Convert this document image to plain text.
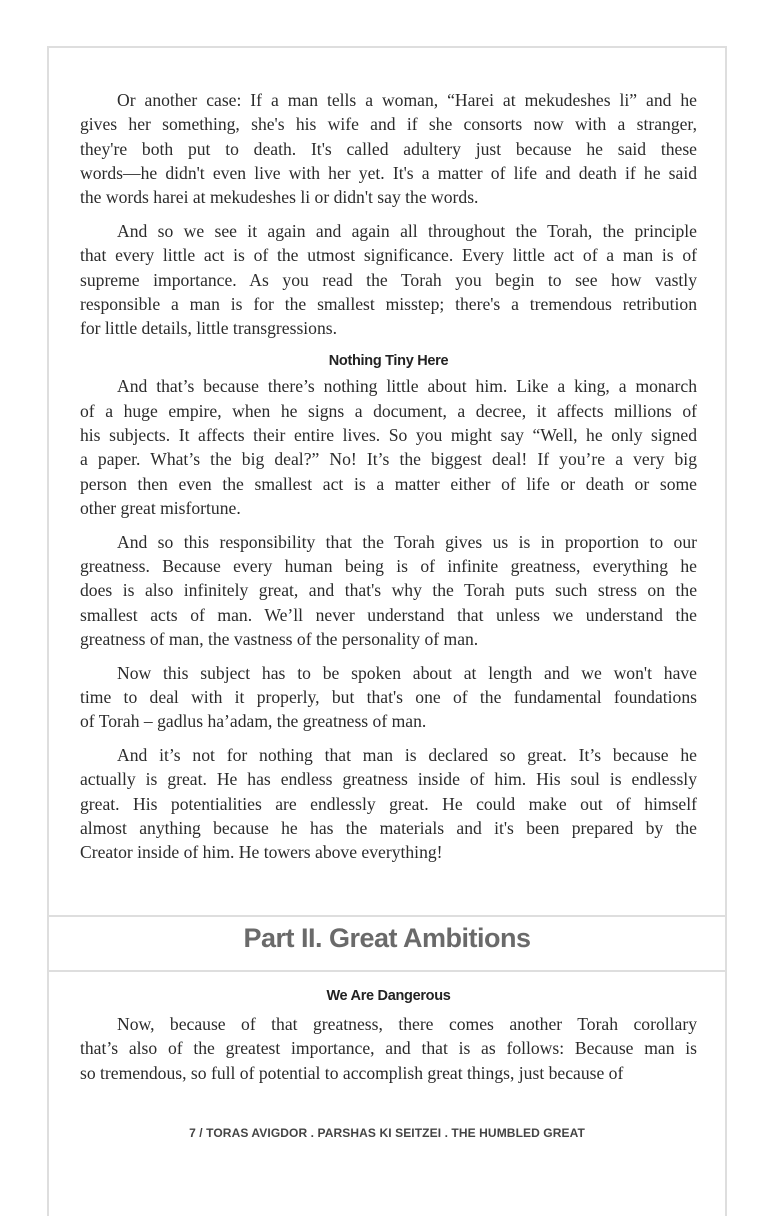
Or another case: If a man tells a woman, “Harei at mekudeshes li” and he
gives her something, she's his wife and if she consorts now with a stranger,
they're both put to death. It's called adultery just because he said these
words—he didn't even live with her yet. It's a matter of life and death if he said
the words harei at mekudeshes li or didn't say the words.
And so we see it again and again all throughout the Torah, the principle
that every little act is of the utmost significance. Every little act of a man is of
supreme importance. As you read the Torah you begin to see how vastly
responsible a man is for the smallest misstep; there's a tremendous retribution
for little details, little transgressions.
Nothing Tiny Here
And that’s because there’s nothing little about him. Like a king, a monarch
of a huge empire, when he signs a document, a decree, it affects millions of
his subjects. It affects their entire lives. So you might say “Well, he only signed
a paper. What’s the big deal?” No! It’s the biggest deal! If you’re a very big
person then even the smallest act is a matter either of life or death or some
other great misfortune.
And so this responsibility that the Torah gives us is in proportion to our
greatness. Because every human being is of infinite greatness, everything he
does is also infinitely great, and that's why the Torah puts such stress on the
smallest acts of man. We’ll never understand that unless we understand the
greatness of man, the vastness of the personality of man.
Now this subject has to be spoken about at length and we won't have
time to deal with it properly, but that's one of the fundamental foundations
of Torah – gadlus ha’adam, the greatness of man.
And it’s not for nothing that man is declared so great. It’s because he
actually is great. He has endless greatness inside of him. His soul is endlessly
great. His potentialities are endlessly great. He could make out of himself
almost anything because he has the materials and it's been prepared by the
Creator inside of him. He towers above everything!
Part II. Great Ambitions
We Are Dangerous
Now, because of that greatness, there comes another Torah corollary
that’s also of the greatest importance, and that is as follows: Because man is
so tremendous, so full of potential to accomplish great things, just because of
7 / TORAS AVIGDOR . PARSHAS KI SEITZEI . THE HUMBLED GREAT
